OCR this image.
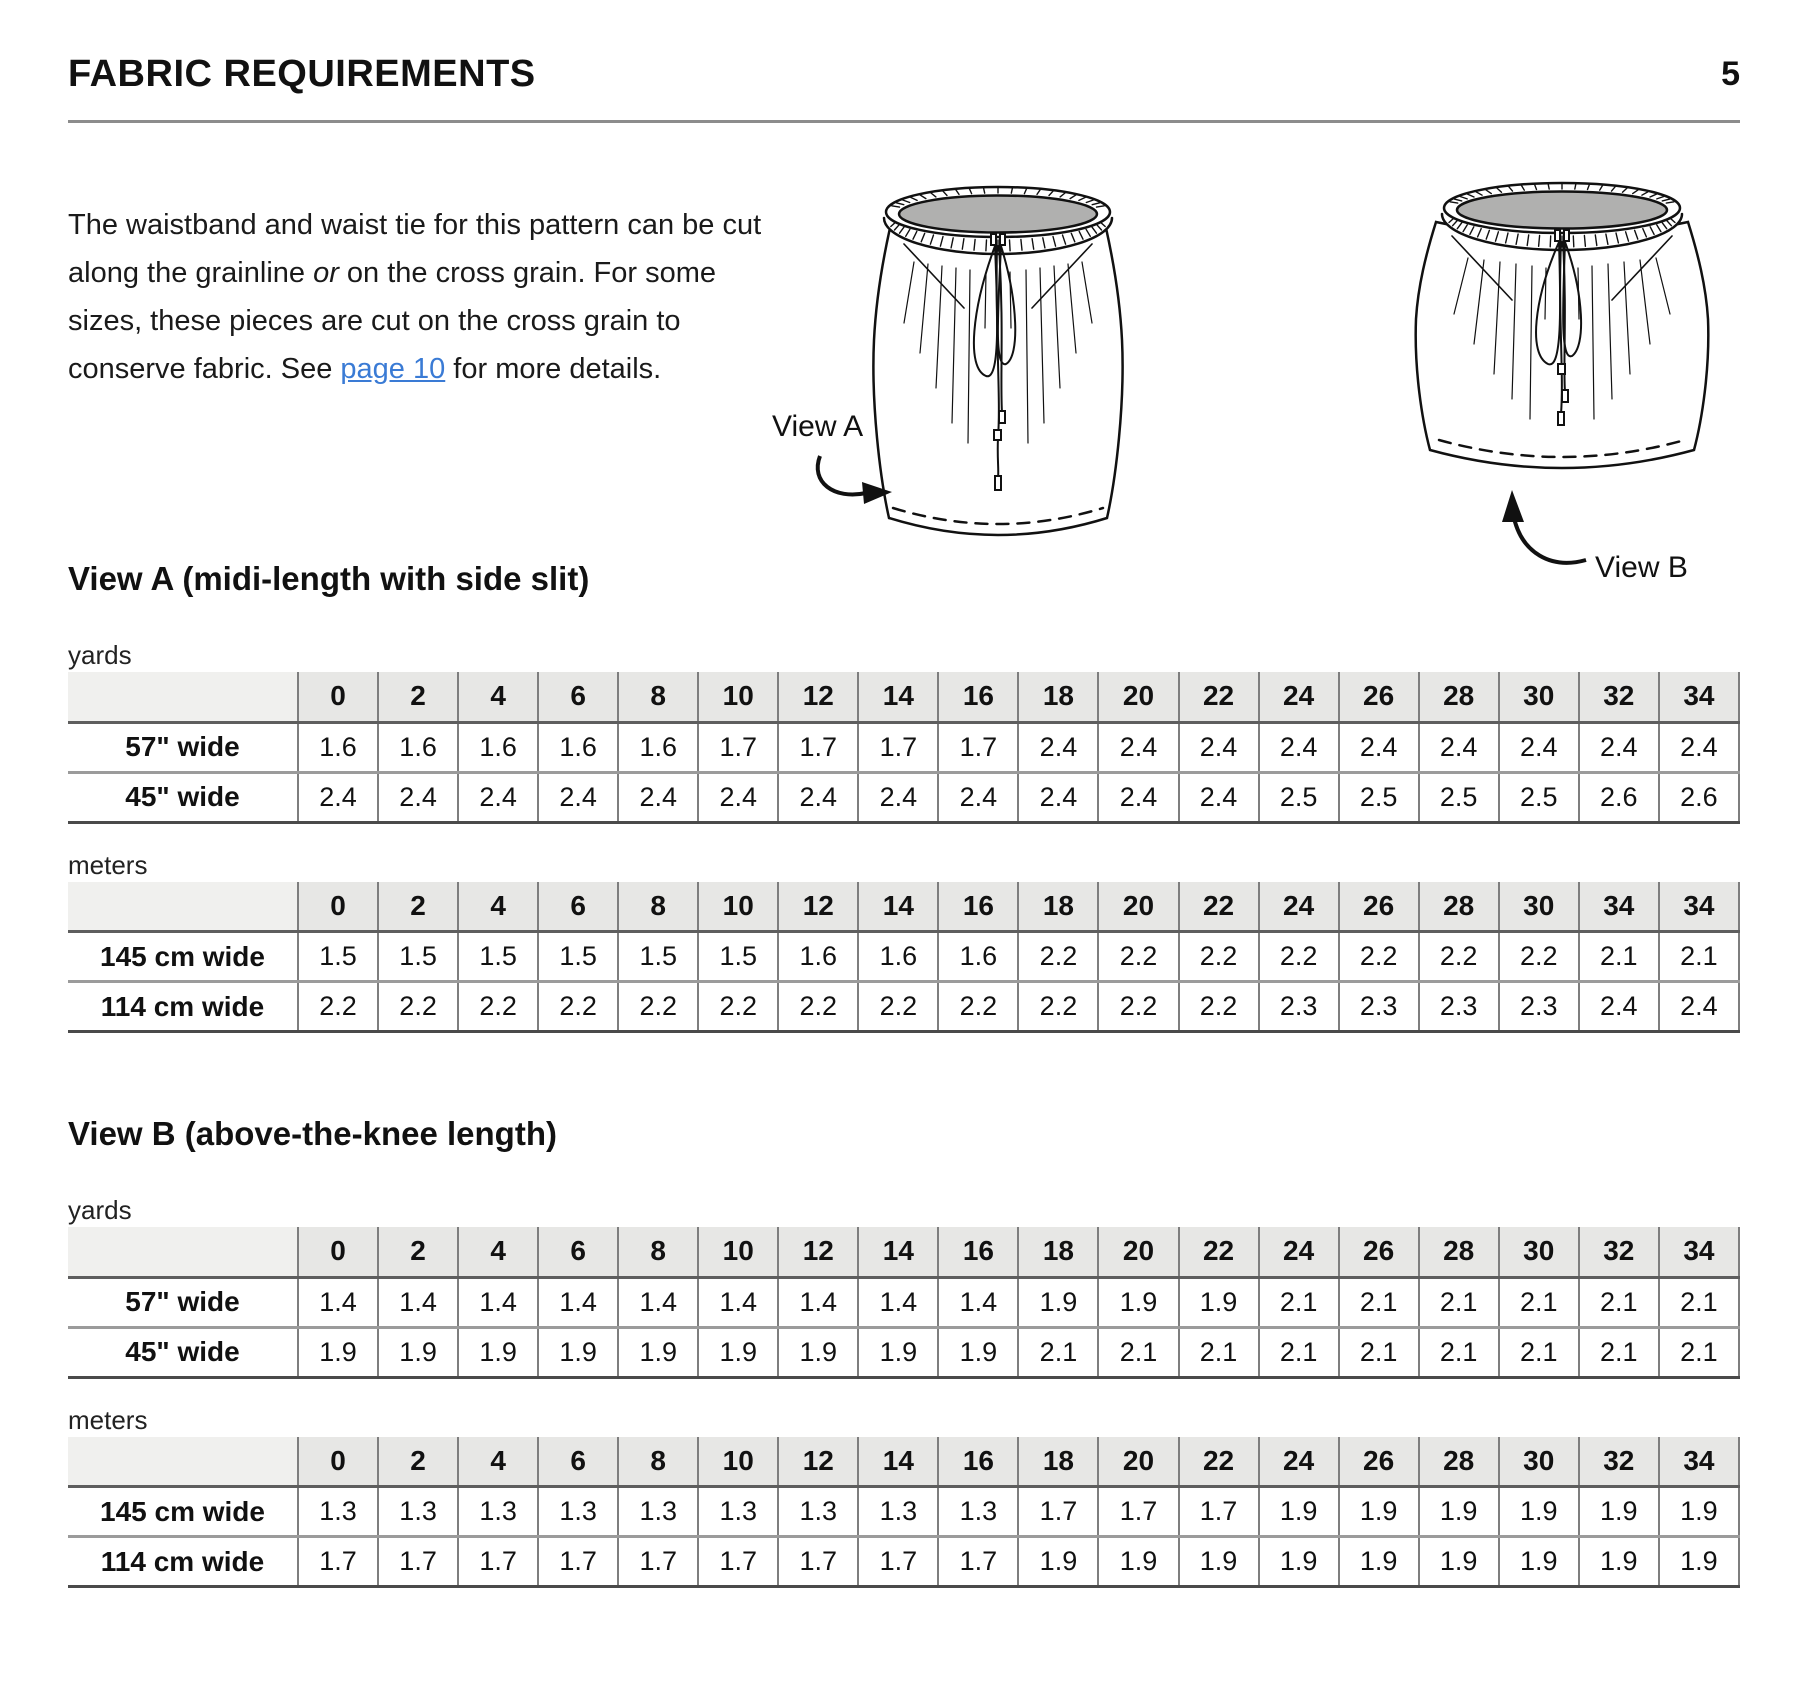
FABRIC REQUIREMENTS	5

The waistband and waist tie for this pattern can be cut along the grainline or on the cross grain. For some sizes, these pieces are cut on the cross grain to conserve fabric. See page 10 for more details.

View A
View B
View A (midi-length with side slit)
yards
	0	2	4	6	8	10	12	14	16	18	20	22	24	26	28	30	32	34
57" wide	1.6	1.6	1.6	1.6	1.6	1.7	1.7	1.7	1.7	2.4	2.4	2.4	2.4	2.4	2.4	2.4	2.4	2.4
45" wide	2.4	2.4	2.4	2.4	2.4	2.4	2.4	2.4	2.4	2.4	2.4	2.4	2.5	2.5	2.5	2.5	2.6	2.6
meters
	0	2	4	6	8	10	12	14	16	18	20	22	24	26	28	30	34	34
145 cm wide	1.5	1.5	1.5	1.5	1.5	1.5	1.6	1.6	1.6	2.2	2.2	2.2	2.2	2.2	2.2	2.2	2.1	2.1
114 cm wide	2.2	2.2	2.2	2.2	2.2	2.2	2.2	2.2	2.2	2.2	2.2	2.2	2.3	2.3	2.3	2.3	2.4	2.4
View B (above-the-knee length)
yards
	0	2	4	6	8	10	12	14	16	18	20	22	24	26	28	30	32	34
57" wide	1.4	1.4	1.4	1.4	1.4	1.4	1.4	1.4	1.4	1.9	1.9	1.9	2.1	2.1	2.1	2.1	2.1	2.1
45" wide	1.9	1.9	1.9	1.9	1.9	1.9	1.9	1.9	1.9	2.1	2.1	2.1	2.1	2.1	2.1	2.1	2.1	2.1
meters
	0	2	4	6	8	10	12	14	16	18	20	22	24	26	28	30	32	34
145 cm wide	1.3	1.3	1.3	1.3	1.3	1.3	1.3	1.3	1.3	1.7	1.7	1.7	1.9	1.9	1.9	1.9	1.9	1.9
114 cm wide	1.7	1.7	1.7	1.7	1.7	1.7	1.7	1.7	1.7	1.9	1.9	1.9	1.9	1.9	1.9	1.9	1.9	1.9
